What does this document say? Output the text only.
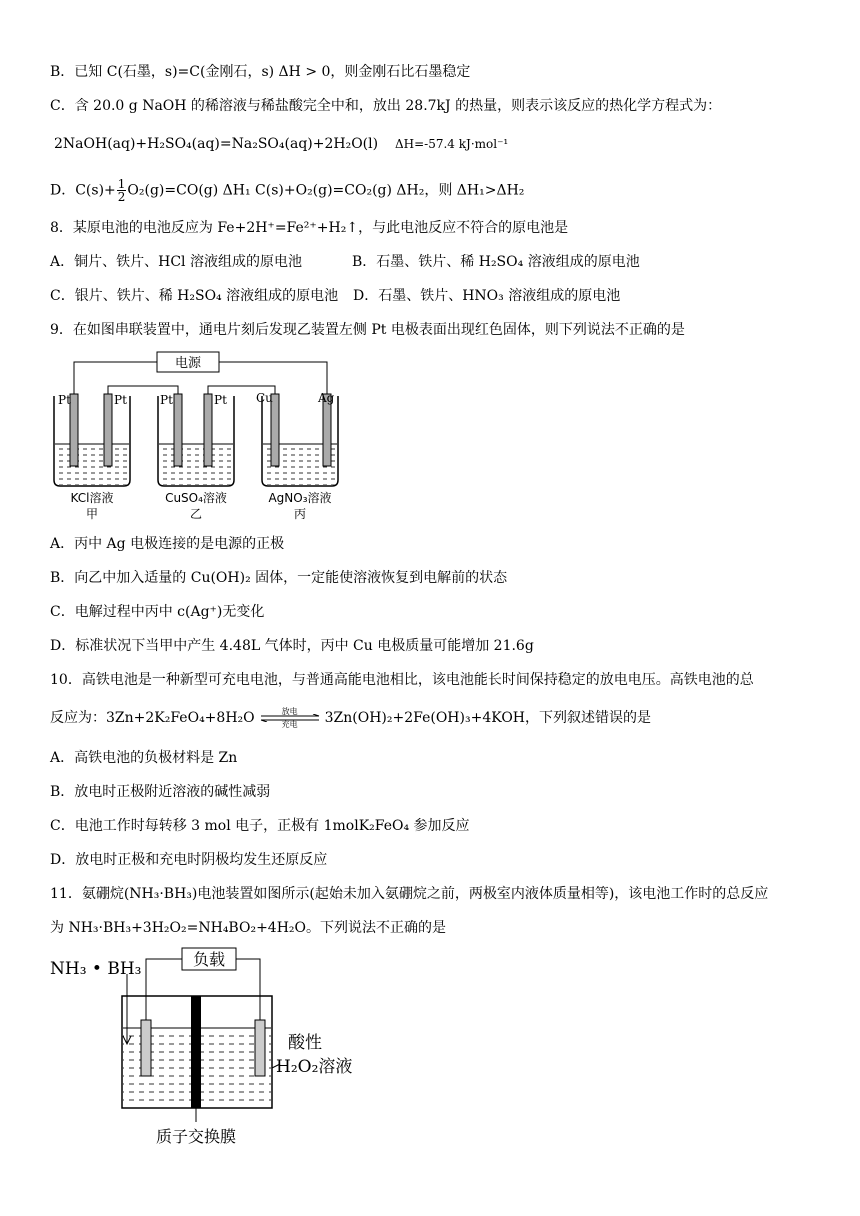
B．已知 C(石墨，s)=C(金刚石，s) ΔH > 0，则金刚石比石墨稳定
C．含 20.0 g NaOH 的稀溶液与稀盐酸完全中和，放出 28.7kJ 的热量，则表示该反应的热化学方程式为：
2NaOH(aq)+H₂SO₄(aq)=Na₂SO₄(aq)+2H₂O(l) ΔH=-57.4 kJ·mol⁻¹
D．$C(s)+ \frac{1}{2} O_2(g)=CO(g)$ ΔH₁ C(s)+O₂(g)=CO₂(g) ΔH₂，则 ΔH₁>ΔH₂
8．某原电池的电池反应为 Fe+2H⁺=Fe²⁺+H₂↑，与此电池反应不符合的原电池是
A．铜片、铁片、HCl 溶液组成的原电池	B．石墨、铁片、稀 H₂SO₄ 溶液组成的原电池
C．银片、铁片、稀 H₂SO₄ 溶液组成的原电池 D．石墨、铁片、HNO₃ 溶液组成的原电池
9．在如图串联装置中，通电片刻后发现乙装置左侧 Pt 电极表面出现红色固体，则下列说法不正确的是
电源
Pt	Pt	Pt	Pt Cu	Ag
KCl溶液	CuSO₄溶液	AgNO₃溶液
甲	乙	丙
A．丙中 Ag 电极连接的是电源的正极
B．向乙中加入适量的 Cu(OH)₂ 固体，一定能使溶液恢复到电解前的状态
C．电解过程中丙中 c(Ag⁺)无变化
D．标准状况下当甲中产生 4.48L 气体时，丙中 Cu 电极质量可能增加 21.6g
10．高铁电池是一种新型可充电电池，与普通高能电池相比，该电池能长时间保持稳定的放电电压。高铁电池的总
反应为：3Zn+2K₂FeO₄+8H₂O	放电
充电	3Zn(OH)₂+2Fe(OH)₃+4KOH，下列叙述错误的是
A．高铁电池的负极材料是 Zn
B．放电时正极附近溶液的碱性减弱
C．电池工作时每转移 3 mol 电子，正极有 1molK₂FeO₄ 参加反应
D．放电时正极和充电时阴极均发生还原反应
11．氨硼烷(NH₃·BH₃)电池装置如图所示(起始未加入氨硼烷之前，两极室内液体质量相等)，该电池工作时的总反应
为 NH₃·BH₃+3H₂O₂=NH₄BO₂+4H₂O。下列说法不正确的是
负载
NH₃ • BH₃
酸性
H₂O₂溶液
质子交换膜
